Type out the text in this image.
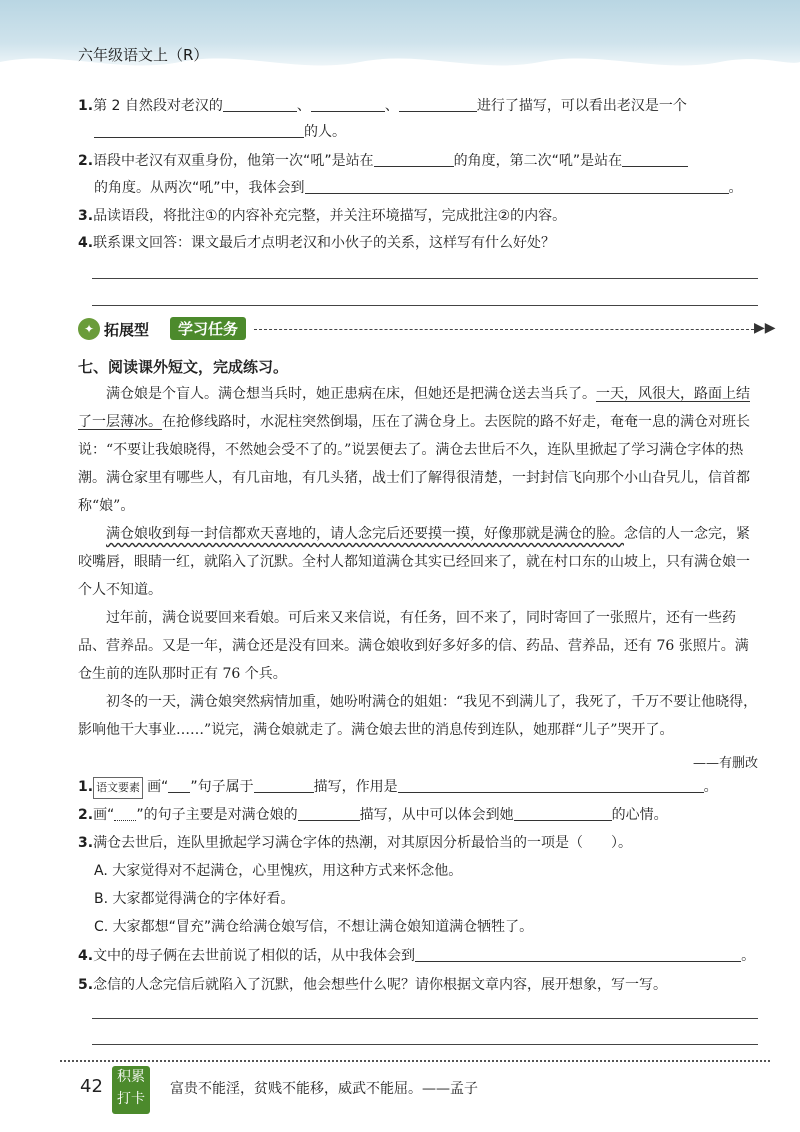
六年级语文上（R）
1.第 2 自然段对老汉的	、	、	进行了描写，可以看出老汉是一个
的人。
2.语段中老汉有双重身份，他第一次“吼”是站在	的角度，第二次“吼”是站在
的角度。从两次“吼”中，我体会到	。
3.品读语段，将批注①的内容补充完整，并关注环境描写，完成批注②的内容。
4.联系课文回答：课文最后才点明老汉和小伙子的关系，这样写有什么好处？
✦ 拓展型	学习任务	▶▶
七、阅读课外短文，完成练习。
满仓娘是个盲人。满仓想当兵时，她正患病在床，但她还是把满仓送去当兵了。一天，风很大，路面上结了一层薄冰。在抢修线路时，水泥柱突然倒塌，压在了满仓身上。去医院的路不好走，奄奄一息的满仓对班长说：“不要让我娘晓得，不然她会受不了的。”说罢便去了。满仓去世后不久，连队里掀起了学习满仓字体的热潮。满仓家里有哪些人，有几亩地，有几头猪，战士们了解得很清楚，一封封信飞向那个小山旮旯儿，信首都称“娘”。
满仓娘收到每一封信都欢天喜地的，请人念完后还要摸一摸，好像那就是满仓的脸。念信的人一念完，紧咬嘴唇，眼睛一红，就陷入了沉默。全村人都知道满仓其实已经回来了，就在村口东的山坡上，只有满仓娘一个人不知道。
过年前，满仓说要回来看娘。可后来又来信说，有任务，回不来了，同时寄回了一张照片，还有一些药品、营养品。又是一年，满仓还是没有回来。满仓娘收到好多好多的信、药品、营养品，还有 76 张照片。满仓生前的连队那时正有 76 个兵。
初冬的一天，满仓娘突然病情加重，她吩咐满仓的姐姐：“我见不到满儿了，我死了，千万不要让他晓得，影响他干大事业……”说完，满仓娘就走了。满仓娘去世的消息传到连队，她那群“儿子”哭开了。
——有删改
1. 语文要素 画“ ”句子属于	描写，作用是	。
2.画“ ”的句子主要是对满仓娘的	描写，从中可以体会到她	的心情。
3.满仓去世后，连队里掀起学习满仓字体的热潮，对其原因分析最恰当的一项是（　　）。
A. 大家觉得对不起满仓，心里愧疚，用这种方式来怀念他。
B. 大家都觉得满仓的字体好看。
C. 大家都想“冒充”满仓给满仓娘写信，不想让满仓娘知道满仓牺牲了。
4.文中的母子俩在去世前说了相似的话，从中我体会到	。
5.念信的人念完信后就陷入了沉默，他会想些什么呢？请你根据文章内容，展开想象，写一写。
42	积累
打卡
富贵不能淫，贫贱不能移，威武不能屈。——孟子
